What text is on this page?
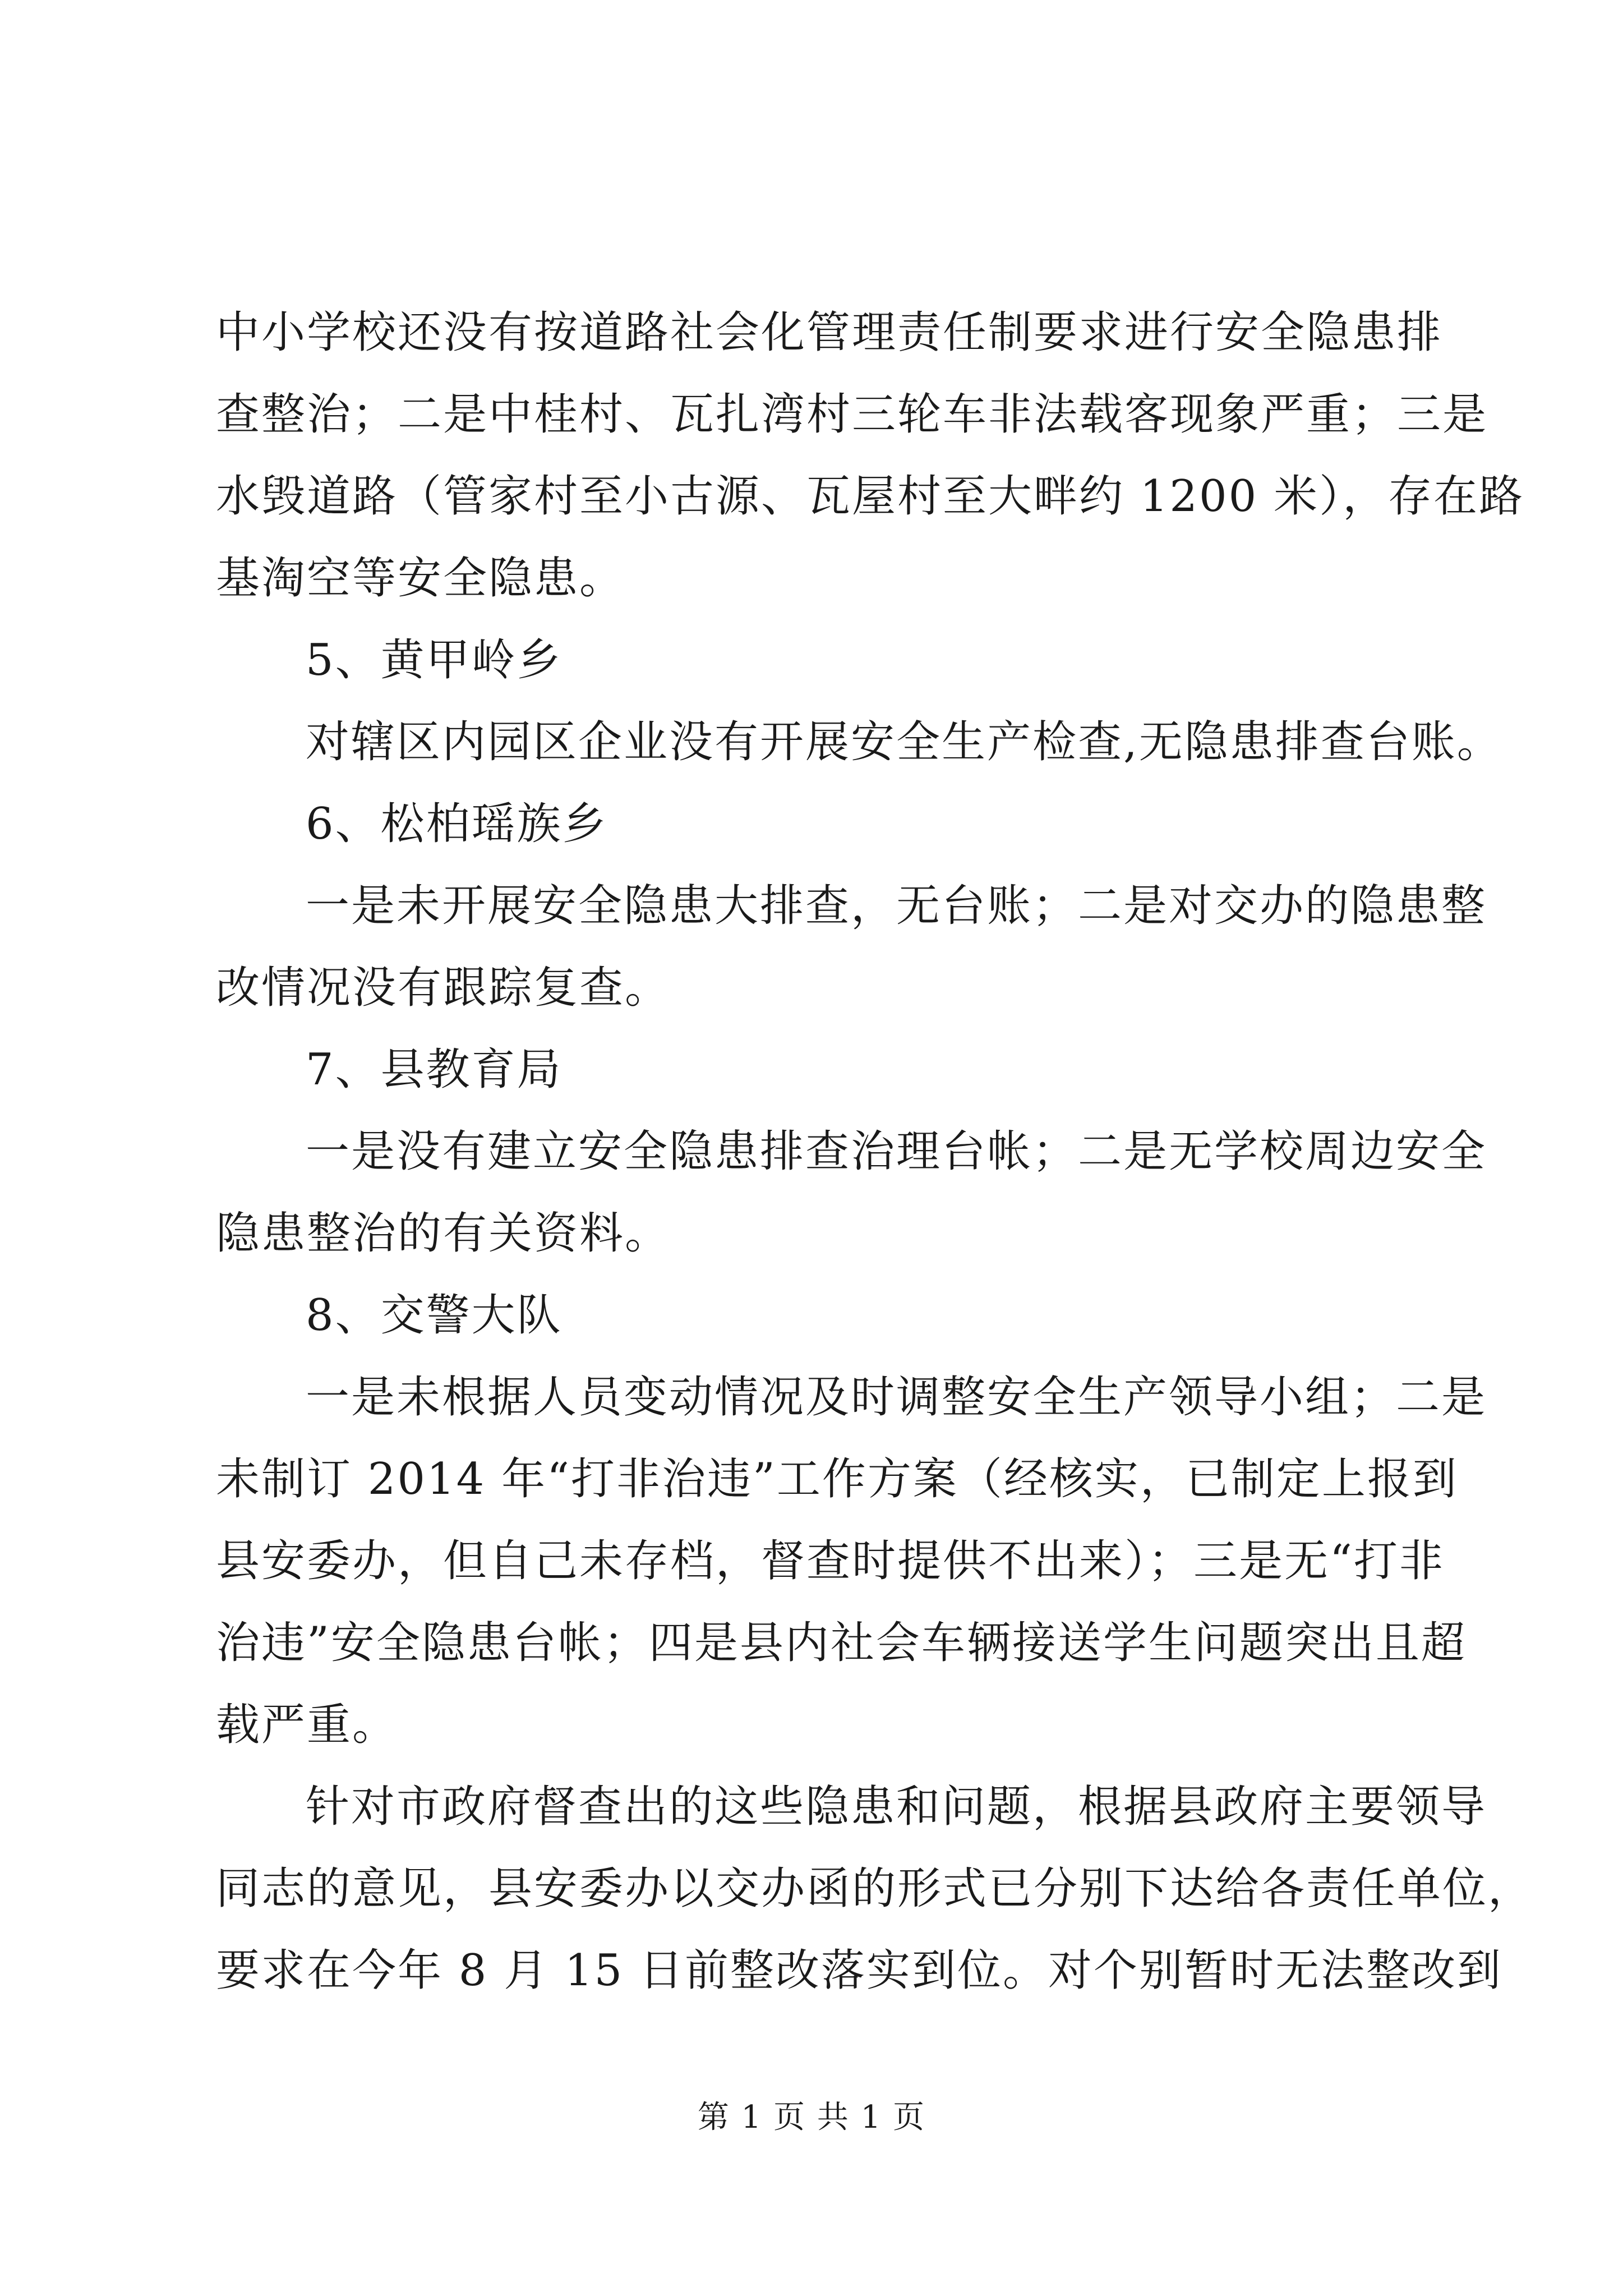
中小学校还没有按道路社会化管理责任制要求进行安全隐患排
查整治；二是中桂村、瓦扎湾村三轮车非法载客现象严重；三是
水毁道路（管家村至小古源、瓦屋村至大畔约 1200 米），存在路
基淘空等安全隐患。
5、黄甲岭乡
对辖区内园区企业没有开展安全生产检查,无隐患排查台账。
6、松柏瑶族乡
一是未开展安全隐患大排查，无台账；二是对交办的隐患整
改情况没有跟踪复查。
7、县教育局
一是没有建立安全隐患排查治理台帐；二是无学校周边安全
隐患整治的有关资料。
8、交警大队
一是未根据人员变动情况及时调整安全生产领导小组；二是
未制订 2014 年“打非治违”工作方案（经核实，已制定上报到
县安委办，但自己未存档，督查时提供不出来）；三是无“打非
治违”安全隐患台帐；四是县内社会车辆接送学生问题突出且超
载严重。
针对市政府督查出的这些隐患和问题，根据县政府主要领导
同志的意见，县安委办以交办函的形式已分别下达给各责任单位，
要求在今年 8 月 15 日前整改落实到位。对个别暂时无法整改到
第 1 页 共 1 页
